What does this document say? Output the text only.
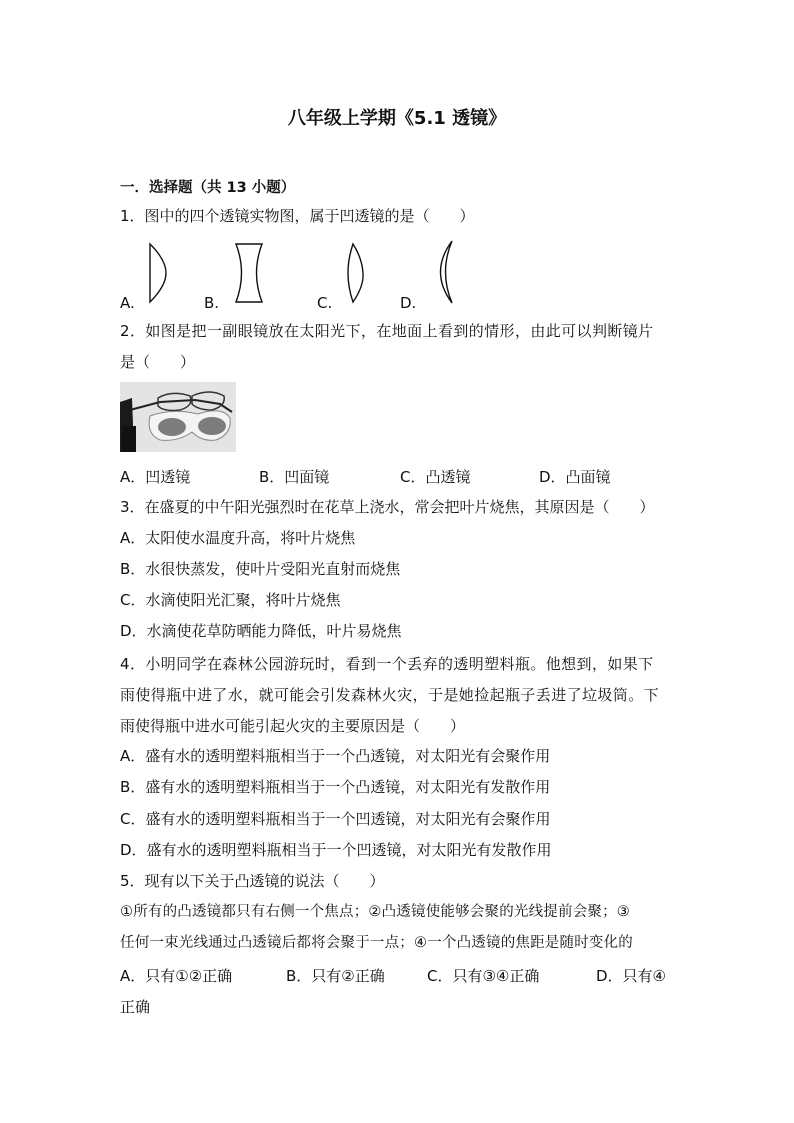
八年级上学期《5.1 透镜》
一．选择题（共 13 小题）
1．图中的四个透镜实物图，属于凹透镜的是（　　）
A.	B.	C.	D.
2．如图是把一副眼镜放在太阳光下，在地面上看到的情形，由此可以判断镜片
是（　　）
A．凹透镜	B．凹面镜	C．凸透镜	D．凸面镜
3．在盛夏的中午阳光强烈时在花草上浇水，常会把叶片烧焦，其原因是（　　）
A．太阳使水温度升高，将叶片烧焦
B．水很快蒸发，使叶片受阳光直射而烧焦
C．水滴使阳光汇聚，将叶片烧焦
D．水滴使花草防晒能力降低，叶片易烧焦
4．小明同学在森林公园游玩时，看到一个丢弃的透明塑料瓶。他想到，如果下
雨使得瓶中进了水，就可能会引发森林火灾，于是她捡起瓶子丢进了垃圾筒。下
雨使得瓶中进水可能引起火灾的主要原因是（　　）
A．盛有水的透明塑料瓶相当于一个凸透镜，对太阳光有会聚作用
B．盛有水的透明塑料瓶相当于一个凸透镜，对太阳光有发散作用
C．盛有水的透明塑料瓶相当于一个凹透镜，对太阳光有会聚作用
D．盛有水的透明塑料瓶相当于一个凹透镜，对太阳光有发散作用
5．现有以下关于凸透镜的说法（　　）
①所有的凸透镜都只有右侧一个焦点；②凸透镜使能够会聚的光线提前会聚；③
任何一束光线通过凸透镜后都将会聚于一点；④一个凸透镜的焦距是随时变化的
A．只有①②正确	B．只有②正确	C．只有③④正确	D．只有④
正确
